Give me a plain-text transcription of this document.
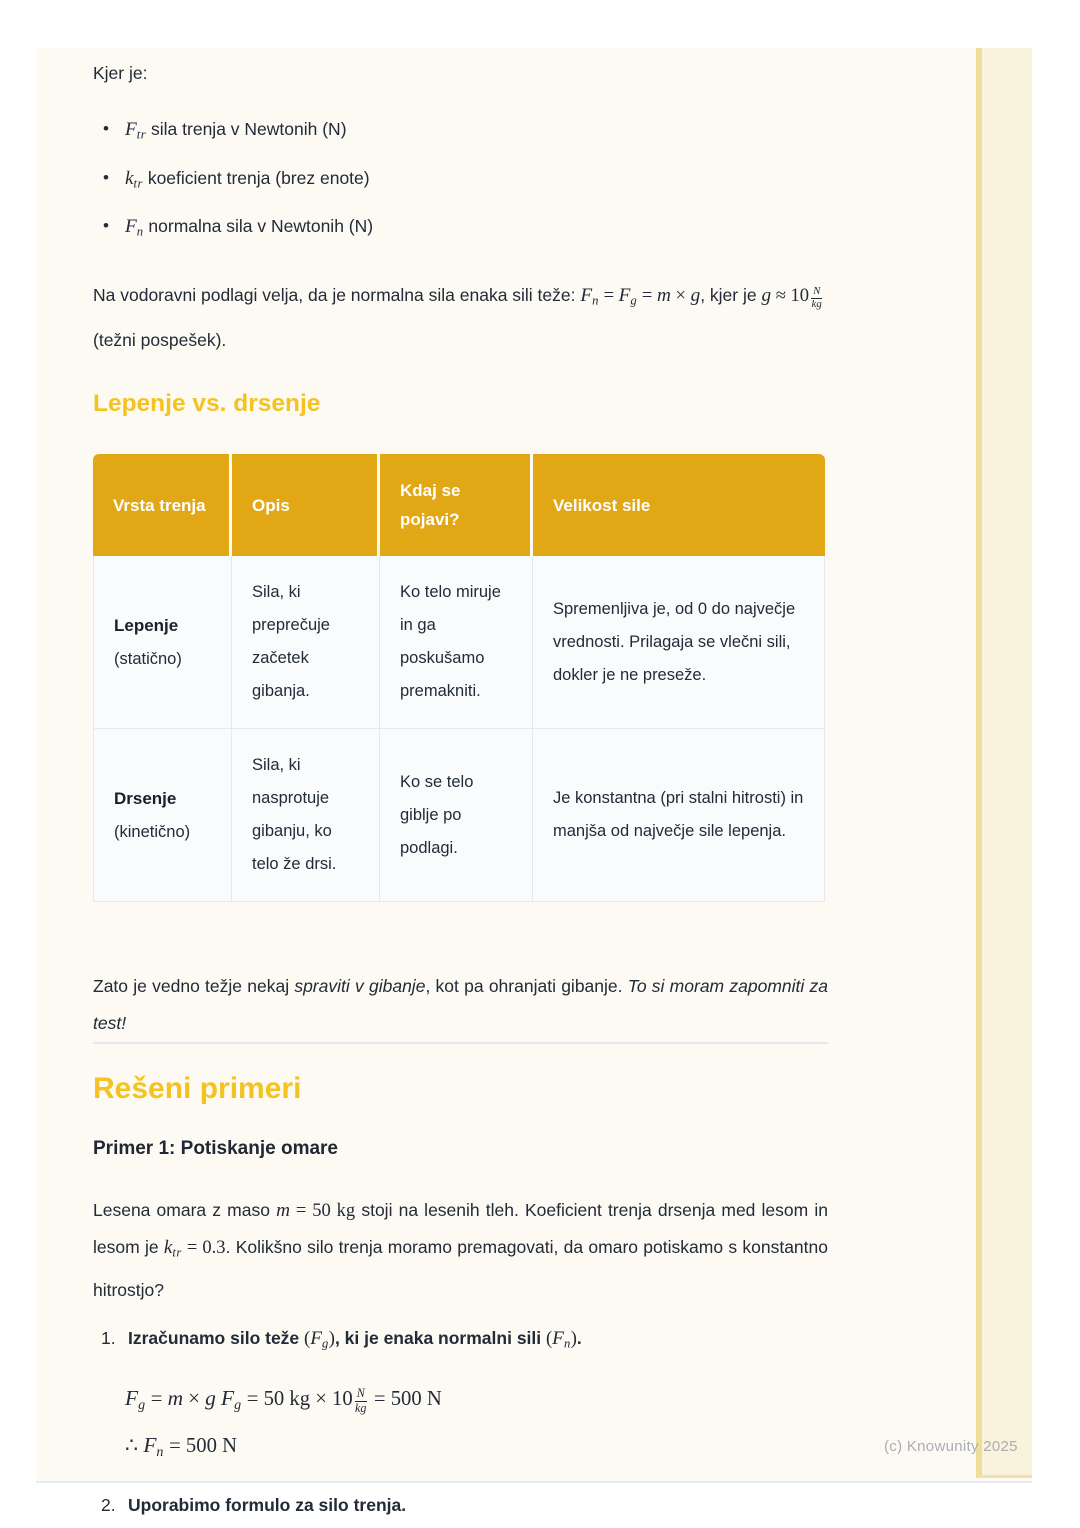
Kjer je:

• $F_{tr}$ sila trenja v Newtonih (N)
• $k_{tr}$ koeficient trenja (brez enote)
• $F_n$ normalna sila v Newtonih (N)

Na vodoravni podlagi velja, da je normalna sila enaka sili teže: $F_n = F_g = m \times g$, kjer je $g \approx 10 \frac{N}{kg}$
(težni pospešek).

Lepenje vs. drsenje
Vrsta trenja	Opis	Kdaj se pojavi?	Velikost sile
Lepenje
(statično)	Sila, ki preprečuje začetek gibanja.	Ko telo miruje in ga poskušamo premakniti.	Spremenljiva je, od 0 do največje vrednosti. Prilagaja se vlečni sili, dokler je ne preseže.
Drsenje
(kinetično)	Sila, ki nasprotuje gibanju, ko telo že drsi.	Ko se telo giblje po podlagi.	Je konstantna (pri stalni hitrosti) in manjša od največje sile lepenja.

Zato je vedno težje nekaj spraviti v gibanje, kot pa ohranjati gibanje. To si moram zapomniti za test!

Rešeni primeri
Primer 1: Potiskanje omare

Lesena omara z maso m = 50 kg stoji na lesenih tleh. Koeficient trenja drsenja med lesom in lesom je $k_{tr} = 0.3$. Kolikšno silo trenja moramo premagovati, da omaro potiskamo s konstantno hitrostjo?

1. Izračunamo silo teže $(F_g)$, ki je enaka normalni sili $(F_n)$.
$F_g = m \times g$ $F_g = 50$ kg × $10 \frac{N}{kg} = 500$ N
∴ $F_n = 500$ N
2. Uporabimo formulo za silo trenja.
(c) Knowunity 2025
